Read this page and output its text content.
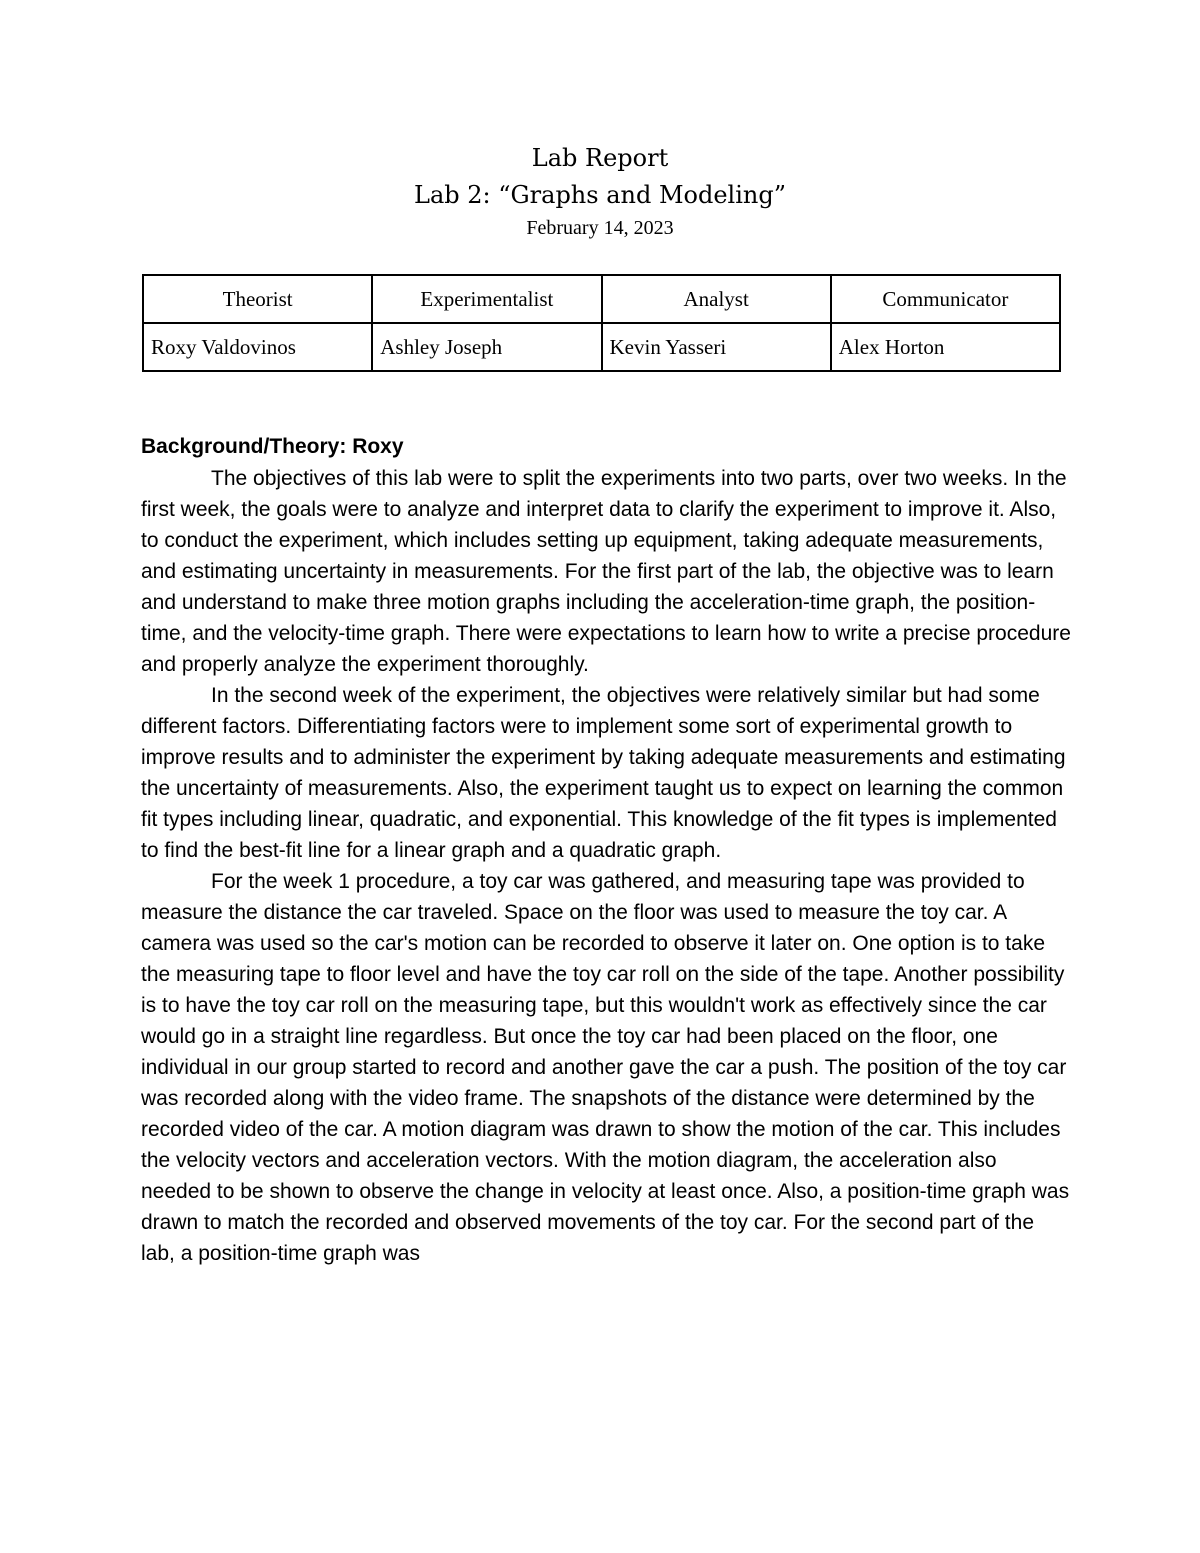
Lab Report
Lab 2: “Graphs and Modeling”
February 14, 2023
Theorist	Experimentalist	Analyst	Communicator
Roxy Valdovinos	Ashley Joseph	Kevin Yasseri	Alex Horton
Background/Theory: Roxy

The objectives of this lab were to split the experiments into two parts, over two weeks. In the first week, the goals were to analyze and interpret data to clarify the experiment to improve it. Also, to conduct the experiment, which includes setting up equipment, taking adequate measurements, and estimating uncertainty in measurements. For the first part of the lab, the objective was to learn and understand to make three motion graphs including the acceleration-time graph, the position-time, and the velocity-time graph. There were expectations to learn how to write a precise procedure and properly analyze the experiment thoroughly.

In the second week of the experiment, the objectives were relatively similar but had some different factors. Differentiating factors were to implement some sort of experimental growth to improve results and to administer the experiment by taking adequate measurements and estimating the uncertainty of measurements. Also, the experiment taught us to expect on learning the common fit types including linear, quadratic, and exponential. This knowledge of the fit types is implemented to find the best-fit line for a linear graph and a quadratic graph.

For the week 1 procedure, a toy car was gathered, and measuring tape was provided to measure the distance the car traveled. Space on the floor was used to measure the toy car. A camera was used so the car's motion can be recorded to observe it later on. One option is to take the measuring tape to floor level and have the toy car roll on the side of the tape. Another possibility is to have the toy car roll on the measuring tape, but this wouldn't work as effectively since the car would go in a straight line regardless. But once the toy car had been placed on the floor, one individual in our group started to record and another gave the car a push. The position of the toy car was recorded along with the video frame. The snapshots of the distance were determined by the recorded video of the car. A motion diagram was drawn to show the motion of the car. This includes the velocity vectors and acceleration vectors. With the motion diagram, the acceleration also needed to be shown to observe the change in velocity at least once. Also, a position-time graph was drawn to match the recorded and observed movements of the toy car. For the second part of the lab, a position-time graph was
